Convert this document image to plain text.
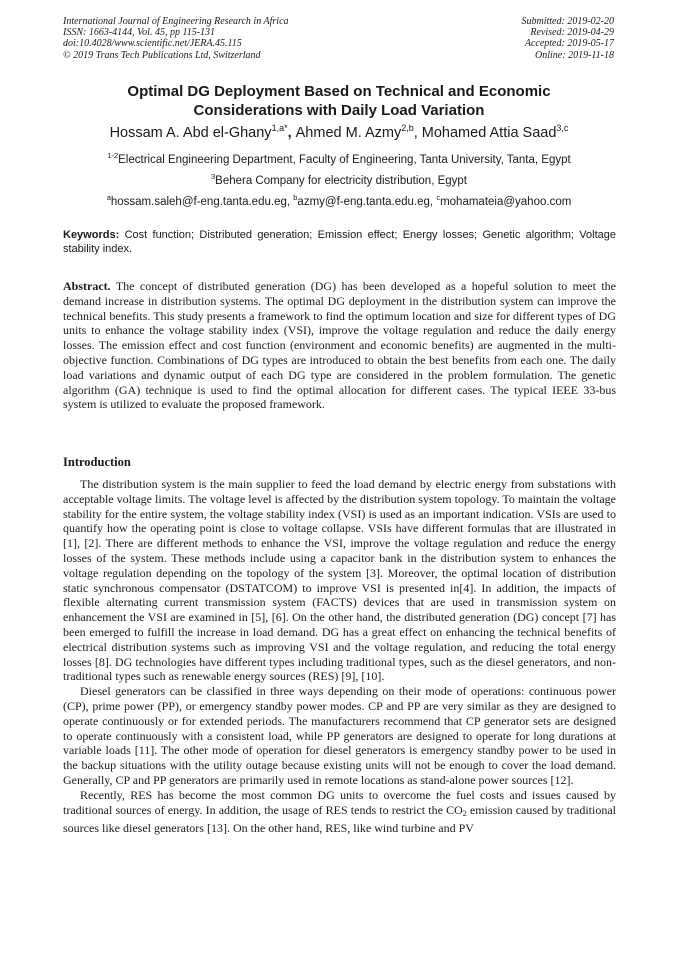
International Journal of Engineering Research in Africa
ISSN: 1663-4144, Vol. 45, pp 115-131
doi:10.4028/www.scientific.net/JERA.45.115
© 2019 Trans Tech Publications Ltd, Switzerland
Submitted: 2019-02-20
Revised: 2019-04-29
Accepted: 2019-05-17
Online: 2019-11-18
Optimal DG Deployment Based on Technical and Economic
Considerations with Daily Load Variation
Hossam A. Abd el-Ghany$^{1,a*}$, Ahmed M. Azmy$^{2,b}$, Mohamed Attia Saad$^{3,c}$
$^{1-2}$Electrical Engineering Department, Faculty of Engineering, Tanta University, Tanta, Egypt
$^3$Behera Company for electricity distribution, Egypt
$^a$hossam.saleh@f-eng.tanta.edu.eg, $^b$azmy@f-eng.tanta.edu.eg, $^c$mohamateia@yahoo.com
Keywords: Cost function; Distributed generation; Emission effect; Energy losses; Genetic algorithm; Voltage stability index.
Abstract. The concept of distributed generation (DG) has been developed as a hopeful solution to meet the demand increase in distribution systems. The optimal DG deployment in the distribution system can improve the technical benefits. This study presents a framework to find the optimum location and size for different types of DG units to enhance the voltage stability index (VSI), improve the voltage regulation and reduce the daily energy losses. The emission effect and cost function (environment and economic benefits) are augmented in the multi-objective function. Combinations of DG types are introduced to obtain the best benefits from each one. The daily load variations and dynamic output of each DG type are considered in the problem formulation. The genetic algorithm (GA) technique is used to find the optimal allocation for different cases. The typical IEEE 33-bus system is utilized to evaluate the proposed framework.
Introduction

The distribution system is the main supplier to feed the load demand by electric energy from substations with acceptable voltage limits. The voltage level is affected by the distribution system topology. To maintain the voltage stability for the entire system, the voltage stability index (VSI) is used as an important indication. VSIs are used to quantify how the operating point is close to voltage collapse. VSIs have different formulas that are illustrated in [1], [2]. There are different methods to enhance the VSI, improve the voltage regulation and reduce the energy losses of the system. These methods include using a capacitor bank in the distribution system to enhances the voltage regulation depending on the topology of the system [3]. Moreover, the optimal location of distribution static synchronous compensator (DSTATCOM) to improve VSI is presented in[4]. In addition, the impacts of flexible alternating current transmission system (FACTS) devices that are used in transmission system on enhancement the VSI are examined in [5], [6]. On the other hand, the distributed generation (DG) concept [7] has been emerged to fulfill the increase in load demand. DG has a great effect on enhancing the technical benefits of electrical distribution systems such as improving VSI and the voltage regulation, and reducing the total energy losses [8]. DG technologies have different types including traditional types, such as the diesel generators, and non-traditional types such as renewable energy sources (RES) [9], [10].

Diesel generators can be classified in three ways depending on their mode of operations: continuous power (CP), prime power (PP), or emergency standby power modes. CP and PP are very similar as they are designed to operate continuously or for extended periods. The manufacturers recommend that CP generator sets are designed to operate continuously with a consistent load, while PP generators are designed to operate for long durations at variable loads [11]. The other mode of operation for diesel generators is emergency standby power to be used in the backup situations with the utility outage because existing units will not be enough to cover the load demand. Generally, CP and PP generators are primarily used in remote locations as stand-alone power sources [12].

Recently, RES has become the most common DG units to overcome the fuel costs and issues caused by traditional sources of energy. In addition, the usage of RES tends to restrict the $CO_2$ emission caused by traditional sources like diesel generators [13]. On the other hand, RES, like wind turbine and PV
